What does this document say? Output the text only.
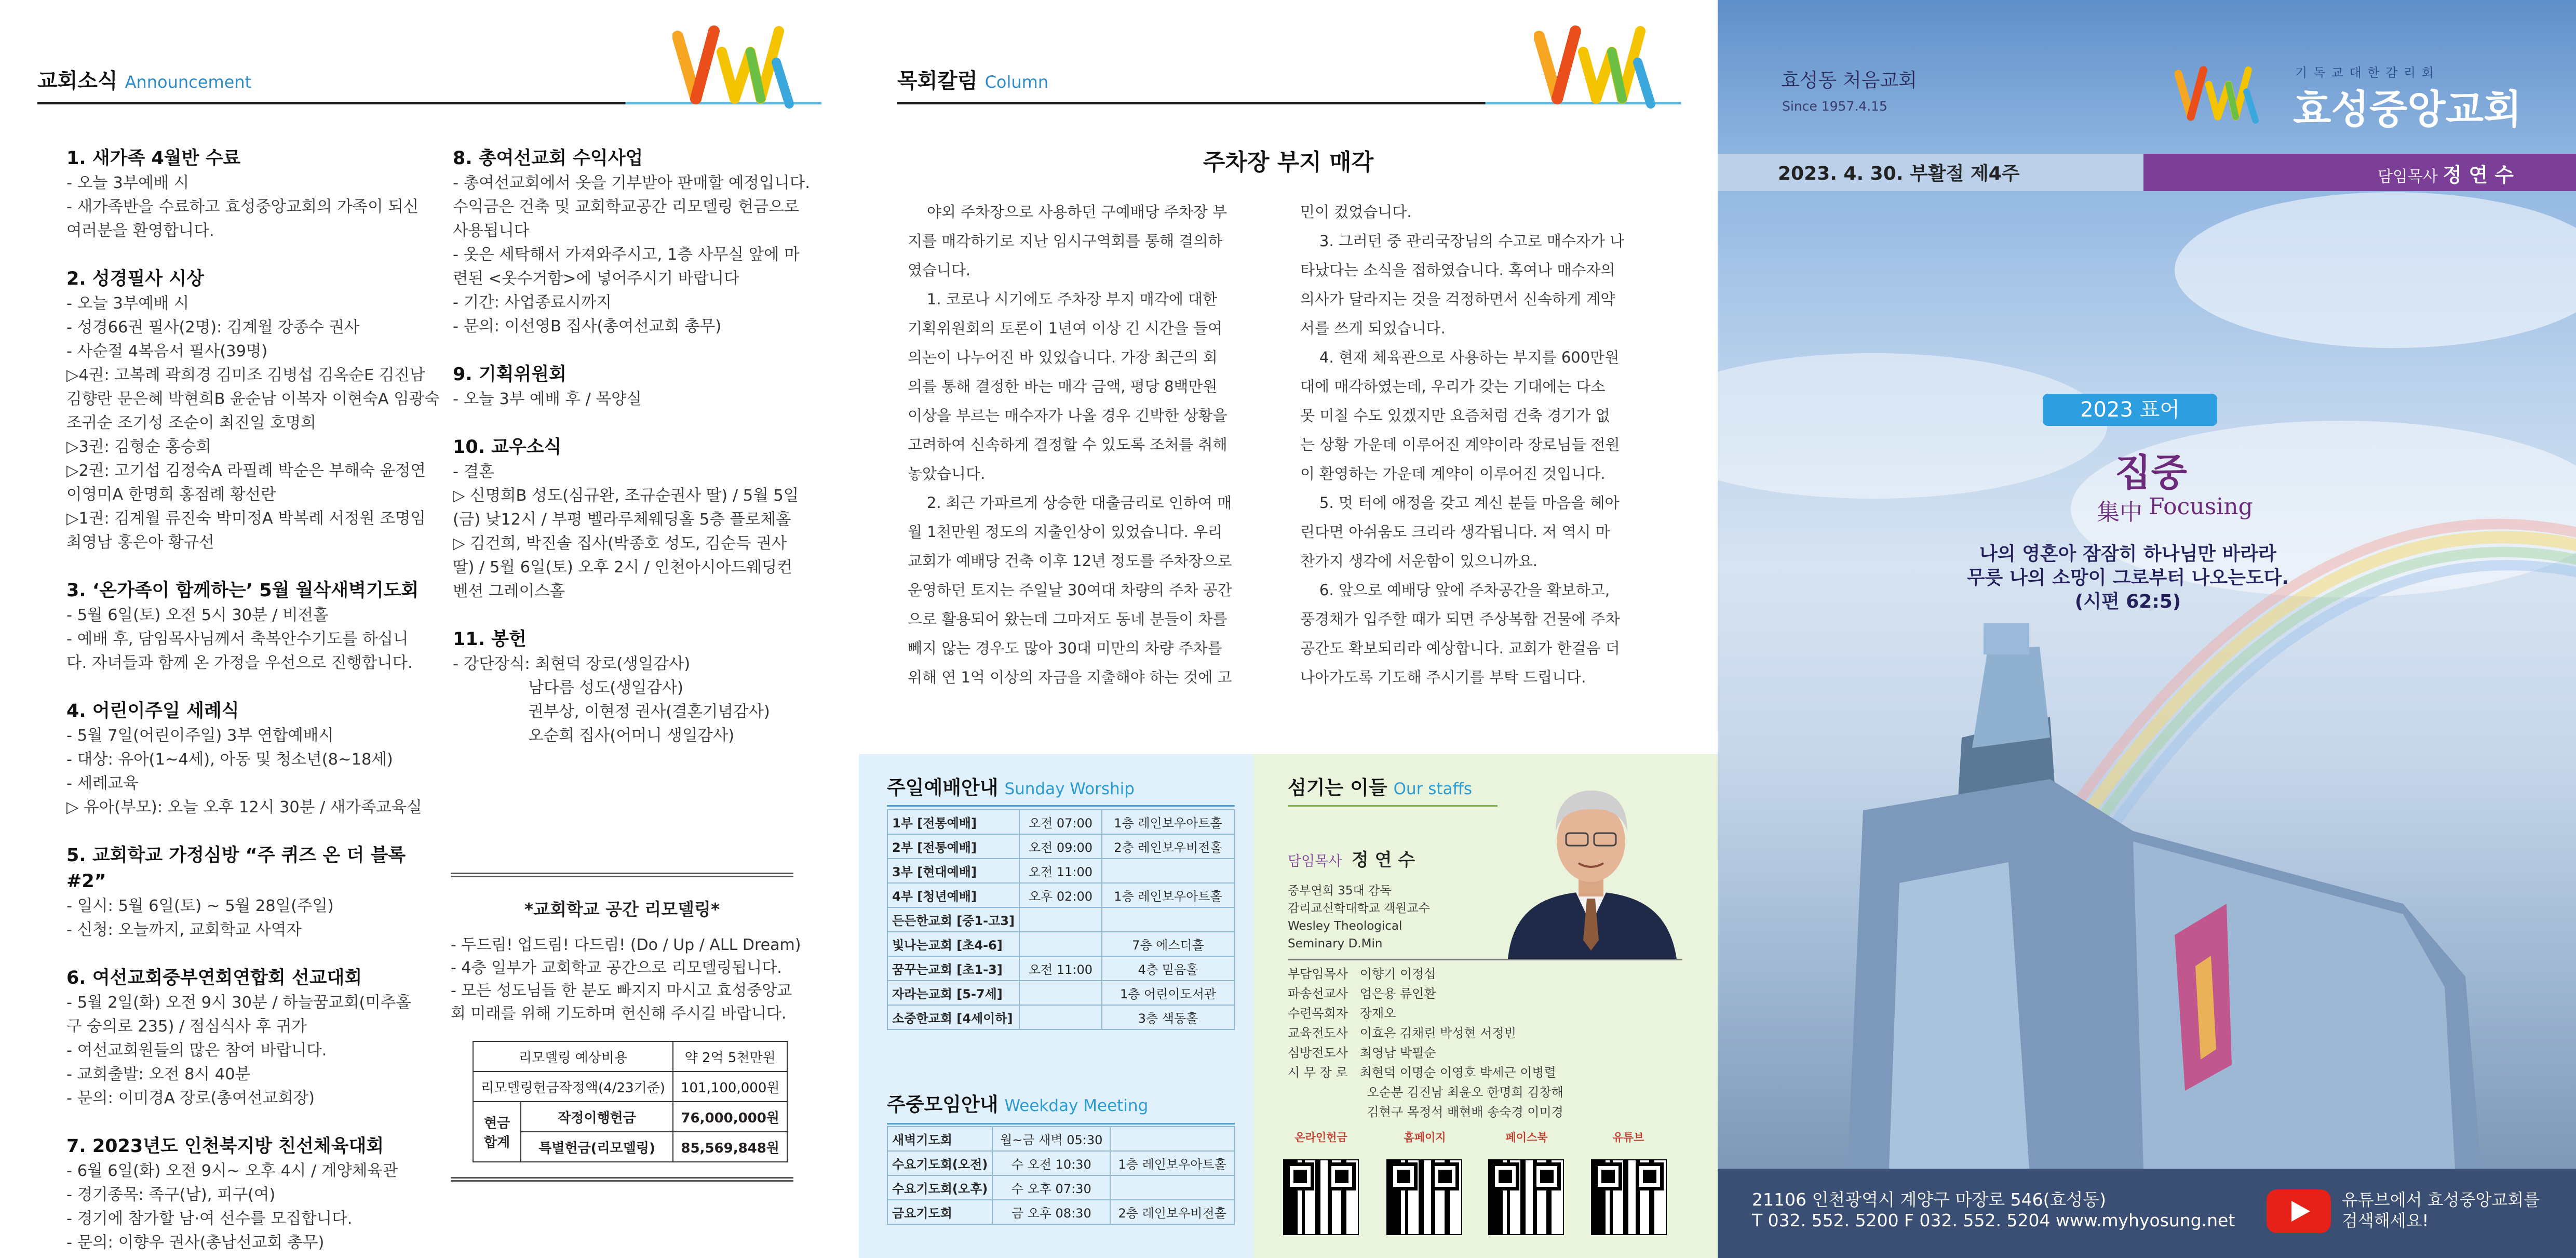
교회소식 Announcement
1. 새가족 4월반 수료
- 오늘 3부예배 시
- 새가족반을 수료하고 효성중앙교회의 가족이 되신
여러분을 환영합니다.
2. 성경필사 시상
- 오늘 3부예배 시
- 성경66권 필사(2명): 김계월 강종수 권사
- 사순절 4복음서 필사(39명)
▷4권: 고복례 곽희경 김미조 김병섭 김옥순E 김진남
김향란 문은혜 박현희B 윤순남 이복자 이현숙A 임광숙
조귀순 조기성 조순이 최진일 호명희
▷3권: 김형순 홍승희
▷2권: 고기섭 김정숙A 라필례 박순은 부해숙 윤정연
이영미A 한명희 홍점례 황선란
▷1권: 김계월 류진숙 박미정A 박복례 서정원 조명임
최영남 홍은아 황규선
3. ‘온가족이 함께하는’ 5월 월삭새벽기도회
- 5월 6일(토) 오전 5시 30분 / 비전홀
- 예배 후, 담임목사님께서 축복안수기도를 하십니
다. 자녀들과 함께 온 가정을 우선으로 진행합니다.
4. 어린이주일 세례식
- 5월 7일(어린이주일) 3부 연합예배시
- 대상: 유아(1~4세), 아동 및 청소년(8~18세)
- 세례교육
▷ 유아(부모): 오늘 오후 12시 30분 / 새가족교육실
5. 교회학교 가정심방 “주 퀴즈 온 더 블록#2”
- 일시: 5월 6일(토) ~ 5월 28일(주일)
- 신청: 오늘까지, 교회학교 사역자
6. 여선교회중부연회연합회 선교대회
- 5월 2일(화) 오전 9시 30분 / 하늘꿈교회(미추홀
구 숭의로 235) / 점심식사 후 귀가
- 여선교회원들의 많은 참여 바랍니다.
- 교회출발: 오전 8시 40분
- 문의: 이미경A 장로(총여선교회장)
7. 2023년도 인천북지방 친선체육대회
- 6월 6일(화) 오전 9시~ 오후 4시 / 계양체육관
- 경기종목: 족구(남), 피구(여)
- 경기에 참가할 남·여 선수를 모집합니다.
- 문의: 이향우 권사(총남선교회 총무)
8. 총여선교회 수익사업
- 총여선교회에서 옷을 기부받아 판매할 예정입니다.
수익금은 건축 및 교회학교공간 리모델링 헌금으로
사용됩니다
- 옷은 세탁해서 가져와주시고, 1층 사무실 앞에 마
련된 <옷수거함>에 넣어주시기 바랍니다
- 기간: 사업종료시까지
- 문의: 이선영B 집사(총여선교회 총무)
9. 기획위원회
- 오늘 3부 예배 후 / 목양실
10. 교우소식
- 결혼
▷ 신명희B 성도(심규완, 조규순권사 딸) / 5월 5일
(금) 낮12시 / 부평 벨라루체웨딩홀 5층 플로체홀
▷ 김건희, 박진솔 집사(박종호 성도, 김순득 권사
딸) / 5월 6일(토) 오후 2시 / 인천아시아드웨딩컨
벤션 그레이스홀
11. 봉헌
- 강단장식: 최현덕 장로(생일감사)
남다름 성도(생일감사)
권부상, 이현정 권사(결혼기념감사)
오순희 집사(어머니 생일감사)
*교회학교 공간 리모델링*
- 두드림! 업드림! 다드림! (Do / Up / ALL Dream)
- 4층 일부가 교회학교 공간으로 리모델링됩니다.
- 모든 성도님들 한 분도 빠지지 마시고 효성중앙교
회 미래를 위해 기도하며 헌신해 주시길 바랍니다.
리모델링 예상비용		약 2억 5천만원
리모델링헌금작정액(4/23기준)		101,100,000원
현금
합계	작정이행헌금	76,000,000원
	특별헌금(리모델링)	85,569,848원
목회칼럼 Column
주차장 부지 매각
야외 주차장으로 사용하던 구예배당 주차장 부
지를 매각하기로 지난 임시구역회를 통해 결의하
였습니다.
1. 코로나 시기에도 주차장 부지 매각에 대한
기획위원회의 토론이 1년여 이상 긴 시간을 들여
의논이 나누어진 바 있었습니다. 가장 최근의 회
의를 통해 결정한 바는 매각 금액, 평당 8백만원
이상을 부르는 매수자가 나올 경우 긴박한 상황을
고려하여 신속하게 결정할 수 있도록 조처를 취해
놓았습니다.
2. 최근 가파르게 상승한 대출금리로 인하여 매
월 1천만원 정도의 지출인상이 있었습니다. 우리
교회가 예배당 건축 이후 12년 정도를 주차장으로
운영하던 토지는 주일날 30여대 차량의 주차 공간
으로 활용되어 왔는데 그마저도 동네 분들이 차를
빼지 않는 경우도 많아 30대 미만의 차량 주차를
위해 연 1억 이상의 자금을 지출해야 하는 것에 고
민이 컸었습니다.
3. 그러던 중 관리국장님의 수고로 매수자가 나
타났다는 소식을 접하였습니다. 혹여나 매수자의
의사가 달라지는 것을 걱정하면서 신속하게 계약
서를 쓰게 되었습니다.
4. 현재 체육관으로 사용하는 부지를 600만원
대에 매각하였는데, 우리가 갖는 기대에는 다소
못 미칠 수도 있겠지만 요즘처럼 건축 경기가 없
는 상황 가운데 이루어진 계약이라 장로님들 전원
이 환영하는 가운데 계약이 이루어진 것입니다.
5. 멋 터에 애정을 갖고 계신 분들 마음을 헤아
린다면 아쉬움도 크리라 생각됩니다. 저 역시 마
찬가지 생각에 서운함이 있으니까요.
6. 앞으로 예배당 앞에 주차공간을 확보하고,
풍경채가 입주할 때가 되면 주상복합 건물에 주차
공간도 확보되리라 예상합니다. 교회가 한걸음 더
나아가도록 기도해 주시기를 부탁 드립니다.
주일예배안내 Sunday Worship
1부 [전통예배]	오전 07:00	1층 레인보우아트홀
2부 [전통예배]	오전 09:00	2층 레인보우비전홀
3부 [현대예배]	오전 11:00	
4부 [청년예배]	오후 02:00	1층 레인보우아트홀
든든한교회 [중1-고3]		
빛나는교회 [초4-6]		7층 에스더홀
꿈꾸는교회 [초1-3]	오전 11:00	4층 믿음홀
자라는교회 [5-7세]		1층 어린이도서관
소중한교회 [4세이하]		3층 색동홀
주중모임안내 Weekday Meeting
새벽기도회	월~금 새벽 05:30	
수요기도회(오전)	수 오전 10:30	1층 레인보우아트홀
수요기도회(오후)	수 오후 07:30	
금요기도회	금 오후 08:30	2층 레인보우비전홀
섬기는 이들 Our staffs
담임목사 정 연 수
중부연회 35대 감독
감리교신학대학교 객원교수
Wesley Theological
Seminary D.Min
부담임목사   이향기 이정섭
파송선교사   엄은용 류인환
수련목회자   장재오
교육전도사   이효은 김채린 박성현 서정빈
심방전도사   최영남 박필순
시 무 장 로   최현덕 이명순 이영호 박세근 이병렬
오순분 김진남 최윤오 한명희 김창해
김현구 목정석 배현배 송숙경 이미경
온라인헌금	홈페이지	페이스북	유튜브
2023. 4. 30. 부활절 제4주	담임목사 정 연 수
효성동 처음교회
Since 1957.4.15
기 독 교 대 한 감 리 회
효성중앙교회
2023 표어
집중
集中 Focusing
나의 영혼아 잠잠히 하나님만 바라라
무릇 나의 소망이 그로부터 나오는도다.
(시편 62:5)
21106 인천광역시 계양구 마장로 546(효성동)
T 032. 552. 5200 F 032. 552. 5204 www.myhyosung.net
유튜브에서 효성중앙교회를
검색해세요!
